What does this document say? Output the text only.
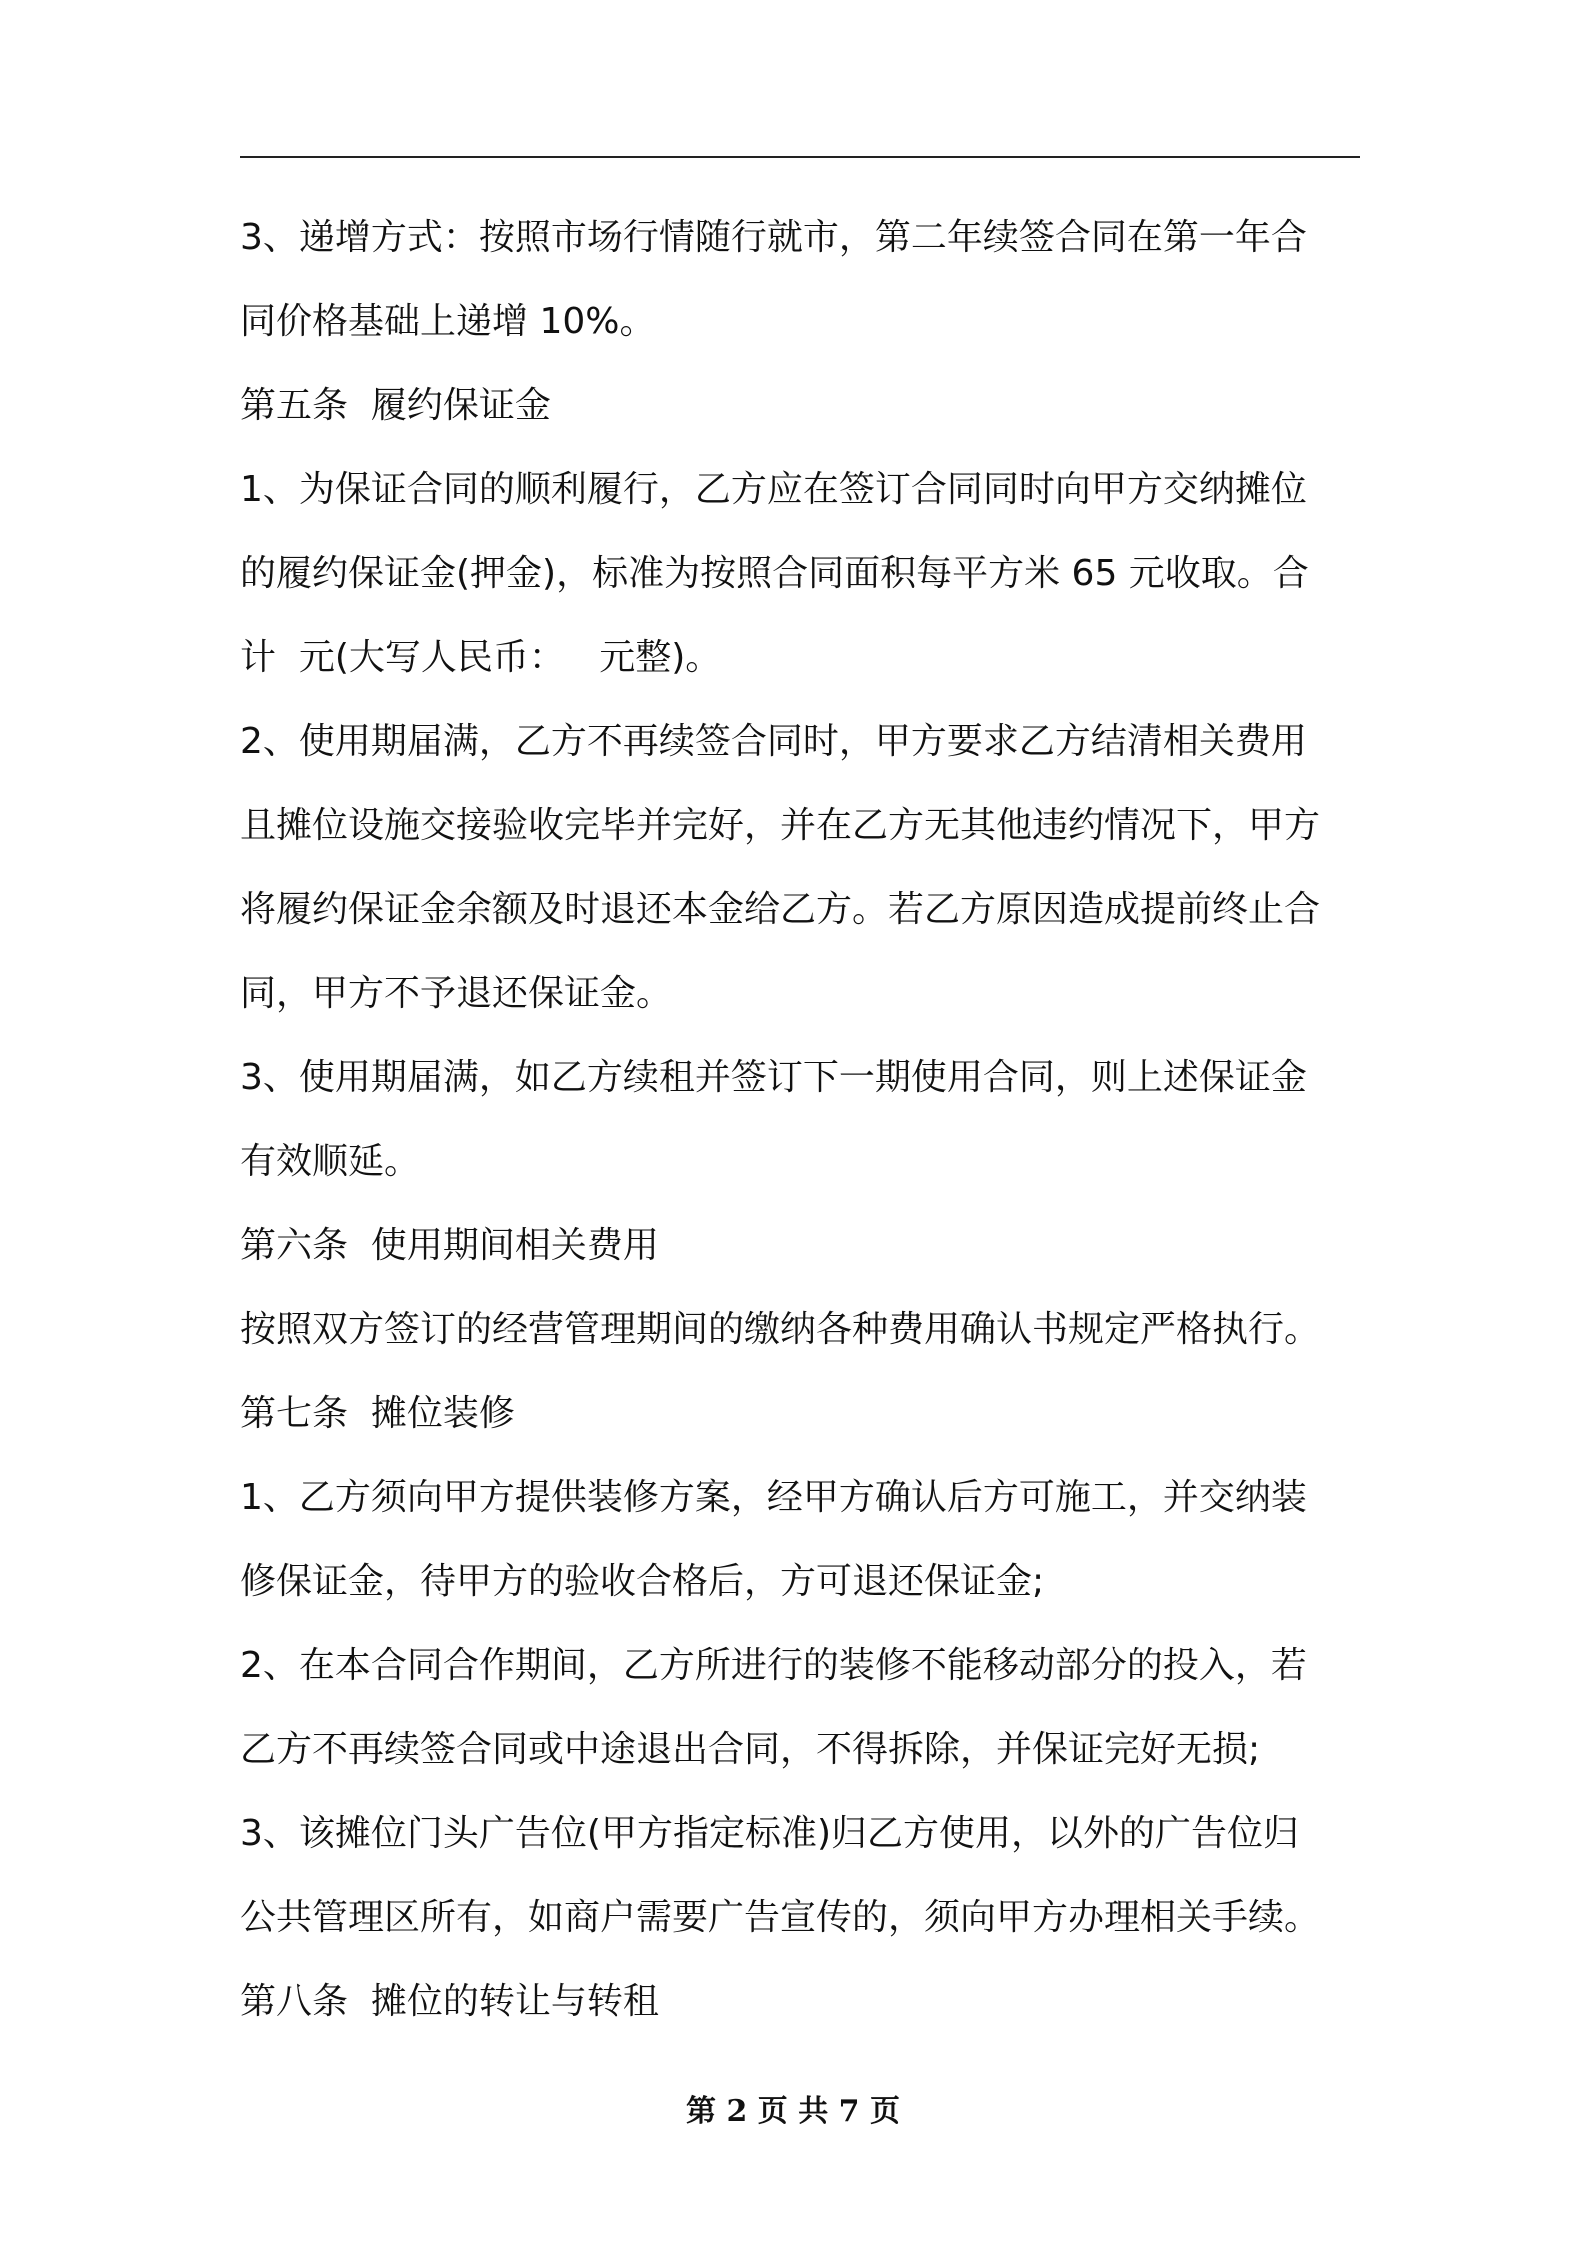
3、递增方式：按照市场行情随行就市，第二年续签合同在第一年合
同价格基础上递增 10%。
第五条  履约保证金
1、为保证合同的顺利履行，乙方应在签订合同同时向甲方交纳摊位
的履约保证金(押金)，标准为按照合同面积每平方米 65 元收取。合
计  元(大写人民币：   元整)。
2、使用期届满，乙方不再续签合同时，甲方要求乙方结清相关费用
且摊位设施交接验收完毕并完好，并在乙方无其他违约情况下，甲方
将履约保证金余额及时退还本金给乙方。若乙方原因造成提前终止合
同，甲方不予退还保证金。
3、使用期届满，如乙方续租并签订下一期使用合同，则上述保证金
有效顺延。
第六条  使用期间相关费用
按照双方签订的经营管理期间的缴纳各种费用确认书规定严格执行。
第七条  摊位装修
1、乙方须向甲方提供装修方案，经甲方确认后方可施工，并交纳装
修保证金，待甲方的验收合格后，方可退还保证金;
2、在本合同合作期间，乙方所进行的装修不能移动部分的投入，若
乙方不再续签合同或中途退出合同，不得拆除，并保证完好无损;
3、该摊位门头广告位(甲方指定标准)归乙方使用，以外的广告位归
公共管理区所有，如商户需要广告宣传的，须向甲方办理相关手续。
第八条  摊位的转让与转租
第 2 页 共 7 页
